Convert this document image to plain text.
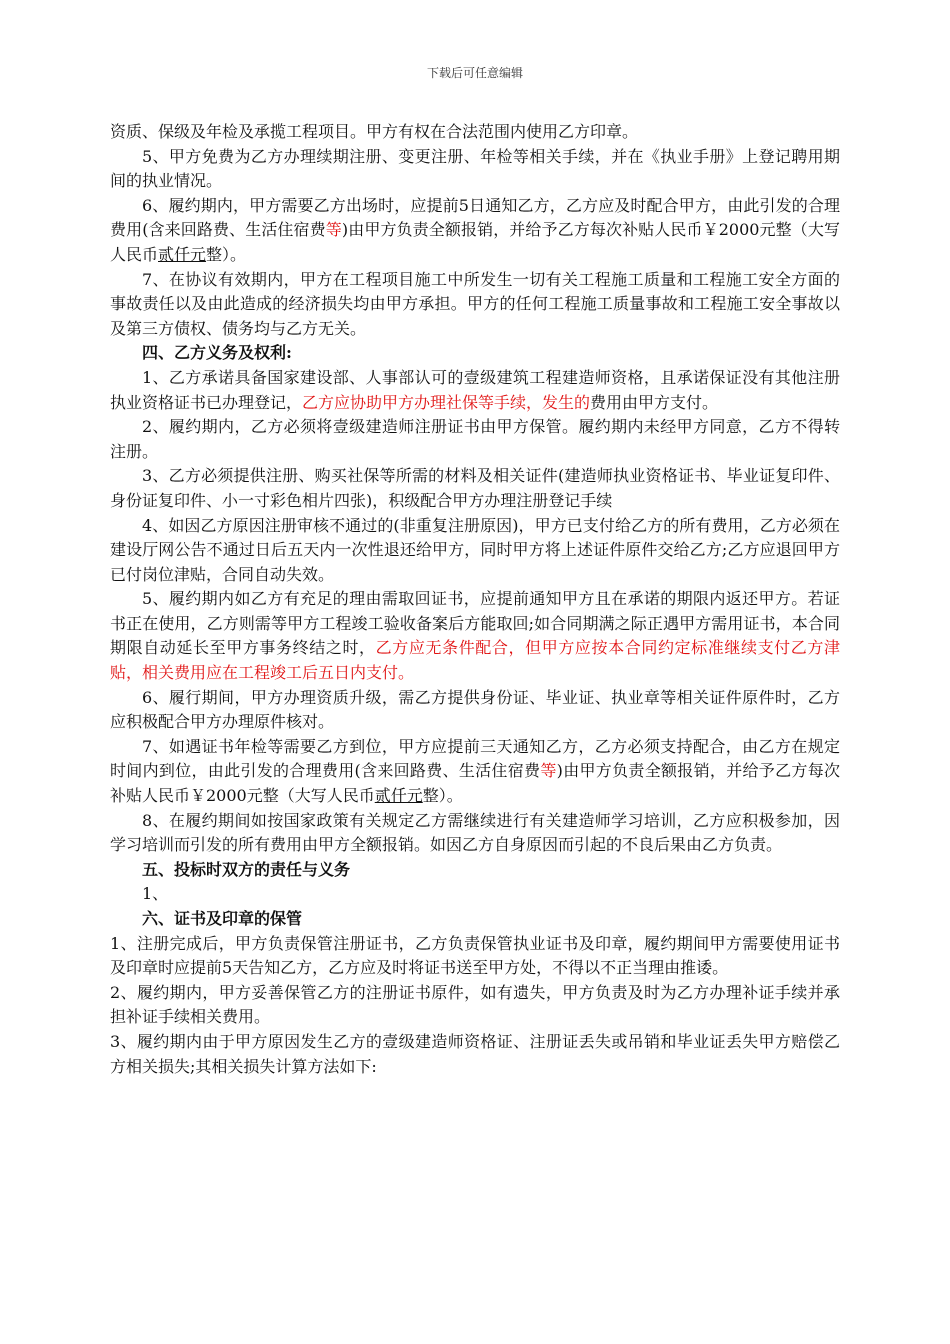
下载后可任意编辑

资质、保级及年检及承揽工程项目。甲方有权在合法范围内使用乙方印章。

5、甲方免费为乙方办理续期注册、变更注册、年检等相关手续，并在《执业手册》上登记聘用期间的执业情况。

6、履约期内，甲方需要乙方出场时，应提前5日通知乙方，乙方应及时配合甲方，由此引发的合理费用(含来回路费、生活住宿费等)由甲方负责全额报销，并给予乙方每次补贴人民币￥2000元整（大写人民币贰仟元整）。

7、在协议有效期内，甲方在工程项目施工中所发生一切有关工程施工质量和工程施工安全方面的事故责任以及由此造成的经济损失均由甲方承担。甲方的任何工程施工质量事故和工程施工安全事故以及第三方债权、债务均与乙方无关。

四、乙方义务及权利:

1、乙方承诺具备国家建设部、人事部认可的壹级建筑工程建造师资格，且承诺保证没有其他注册执业资格证书已办理登记，乙方应协助甲方办理社保等手续，发生的费用由甲方支付。

2、履约期内，乙方必须将壹级建造师注册证书由甲方保管。履约期内未经甲方同意，乙方不得转注册。

3、乙方必须提供注册、购买社保等所需的材料及相关证件(建造师执业资格证书、毕业证复印件、身份证复印件、小一寸彩色相片四张)，积级配合甲方办理注册登记手续

4、如因乙方原因注册审核不通过的(非重复注册原因)，甲方已支付给乙方的所有费用，乙方必须在建设厅网公告不通过日后五天内一次性退还给甲方，同时甲方将上述证件原件交给乙方;乙方应退回甲方已付岗位津贴，合同自动失效。

5、履约期内如乙方有充足的理由需取回证书，应提前通知甲方且在承诺的期限内返还甲方。若证书正在使用，乙方则需等甲方工程竣工验收备案后方能取回;如合同期满之际正遇甲方需用证书，本合同期限自动延长至甲方事务终结之时，乙方应无条件配合，但甲方应按本合同约定标准继续支付乙方津贴，相关费用应在工程竣工后五日内支付。

6、履行期间，甲方办理资质升级，需乙方提供身份证、毕业证、执业章等相关证件原件时，乙方应积极配合甲方办理原件核对。

7、如遇证书年检等需要乙方到位，甲方应提前三天通知乙方，乙方必须支持配合，由乙方在规定时间内到位，由此引发的合理费用(含来回路费、生活住宿费等)由甲方负责全额报销，并给予乙方每次补贴人民币￥2000元整（大写人民币贰仟元整）。

8、在履约期间如按国家政策有关规定乙方需继续进行有关建造师学习培训，乙方应积极参加，因学习培训而引发的所有费用由甲方全额报销。如因乙方自身原因而引起的不良后果由乙方负责。

五、投标时双方的责任与义务

1、

六、证书及印章的保管

1、注册完成后，甲方负责保管注册证书，乙方负责保管执业证书及印章，履约期间甲方需要使用证书及印章时应提前5天告知乙方，乙方应及时将证书送至甲方处，不得以不正当理由推诿。

2、履约期内，甲方妥善保管乙方的注册证书原件，如有遗失，甲方负责及时为乙方办理补证手续并承担补证手续相关费用。

3、履约期内由于甲方原因发生乙方的壹级建造师资格证、注册证丢失或吊销和毕业证丢失甲方赔偿乙方相关损失;其相关损失计算方法如下:
